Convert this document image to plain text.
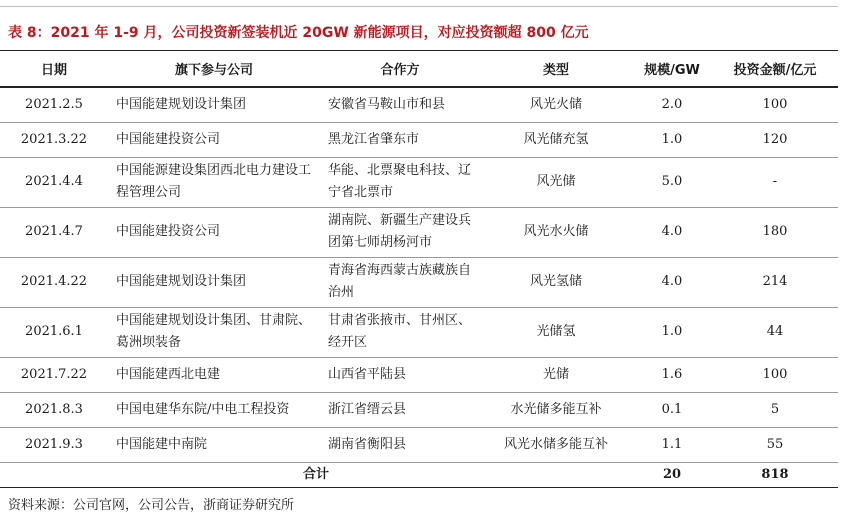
表 8：2021 年 1-9 月，公司投资新签装机近 20GW 新能源项目，对应投资额超 800 亿元
日期	旗下参与公司	合作方	类型	规模/GW	投资金额/亿元
2021.2.5	中国能建规划设计集团	安徽省马鞍山市和县	风光火储	2.0	100
2021.3.22	中国能建投资公司	黑龙江省肇东市	风光储充氢	1.0	120
2021.4.4	中国能源建设集团西北电力建设工程管理公司	华能、北票聚电科技、辽宁省北票市	风光储	5.0	-
2021.4.7	中国能建投资公司	湖南院、新疆生产建设兵团第七师胡杨河市	风光水火储	4.0	180
2021.4.22	中国能建规划设计集团	青海省海西蒙古族藏族自治州	风光氢储	4.0	214
2021.6.1	中国能建规划设计集团、甘肃院、葛洲坝装备	甘肃省张掖市、甘州区、经开区	光储氢	1.0	44
2021.7.22	中国能建西北电建	山西省平陆县	光储	1.6	100
2021.8.3	中国电建华东院/中电工程投资	浙江省缙云县	水光储多能互补	0.1	5
2021.9.3	中国能建中南院	湖南省衡阳县	风光水储多能互补	1.1	55
合计				20	818
资料来源：公司官网，公司公告，浙商证券研究所
